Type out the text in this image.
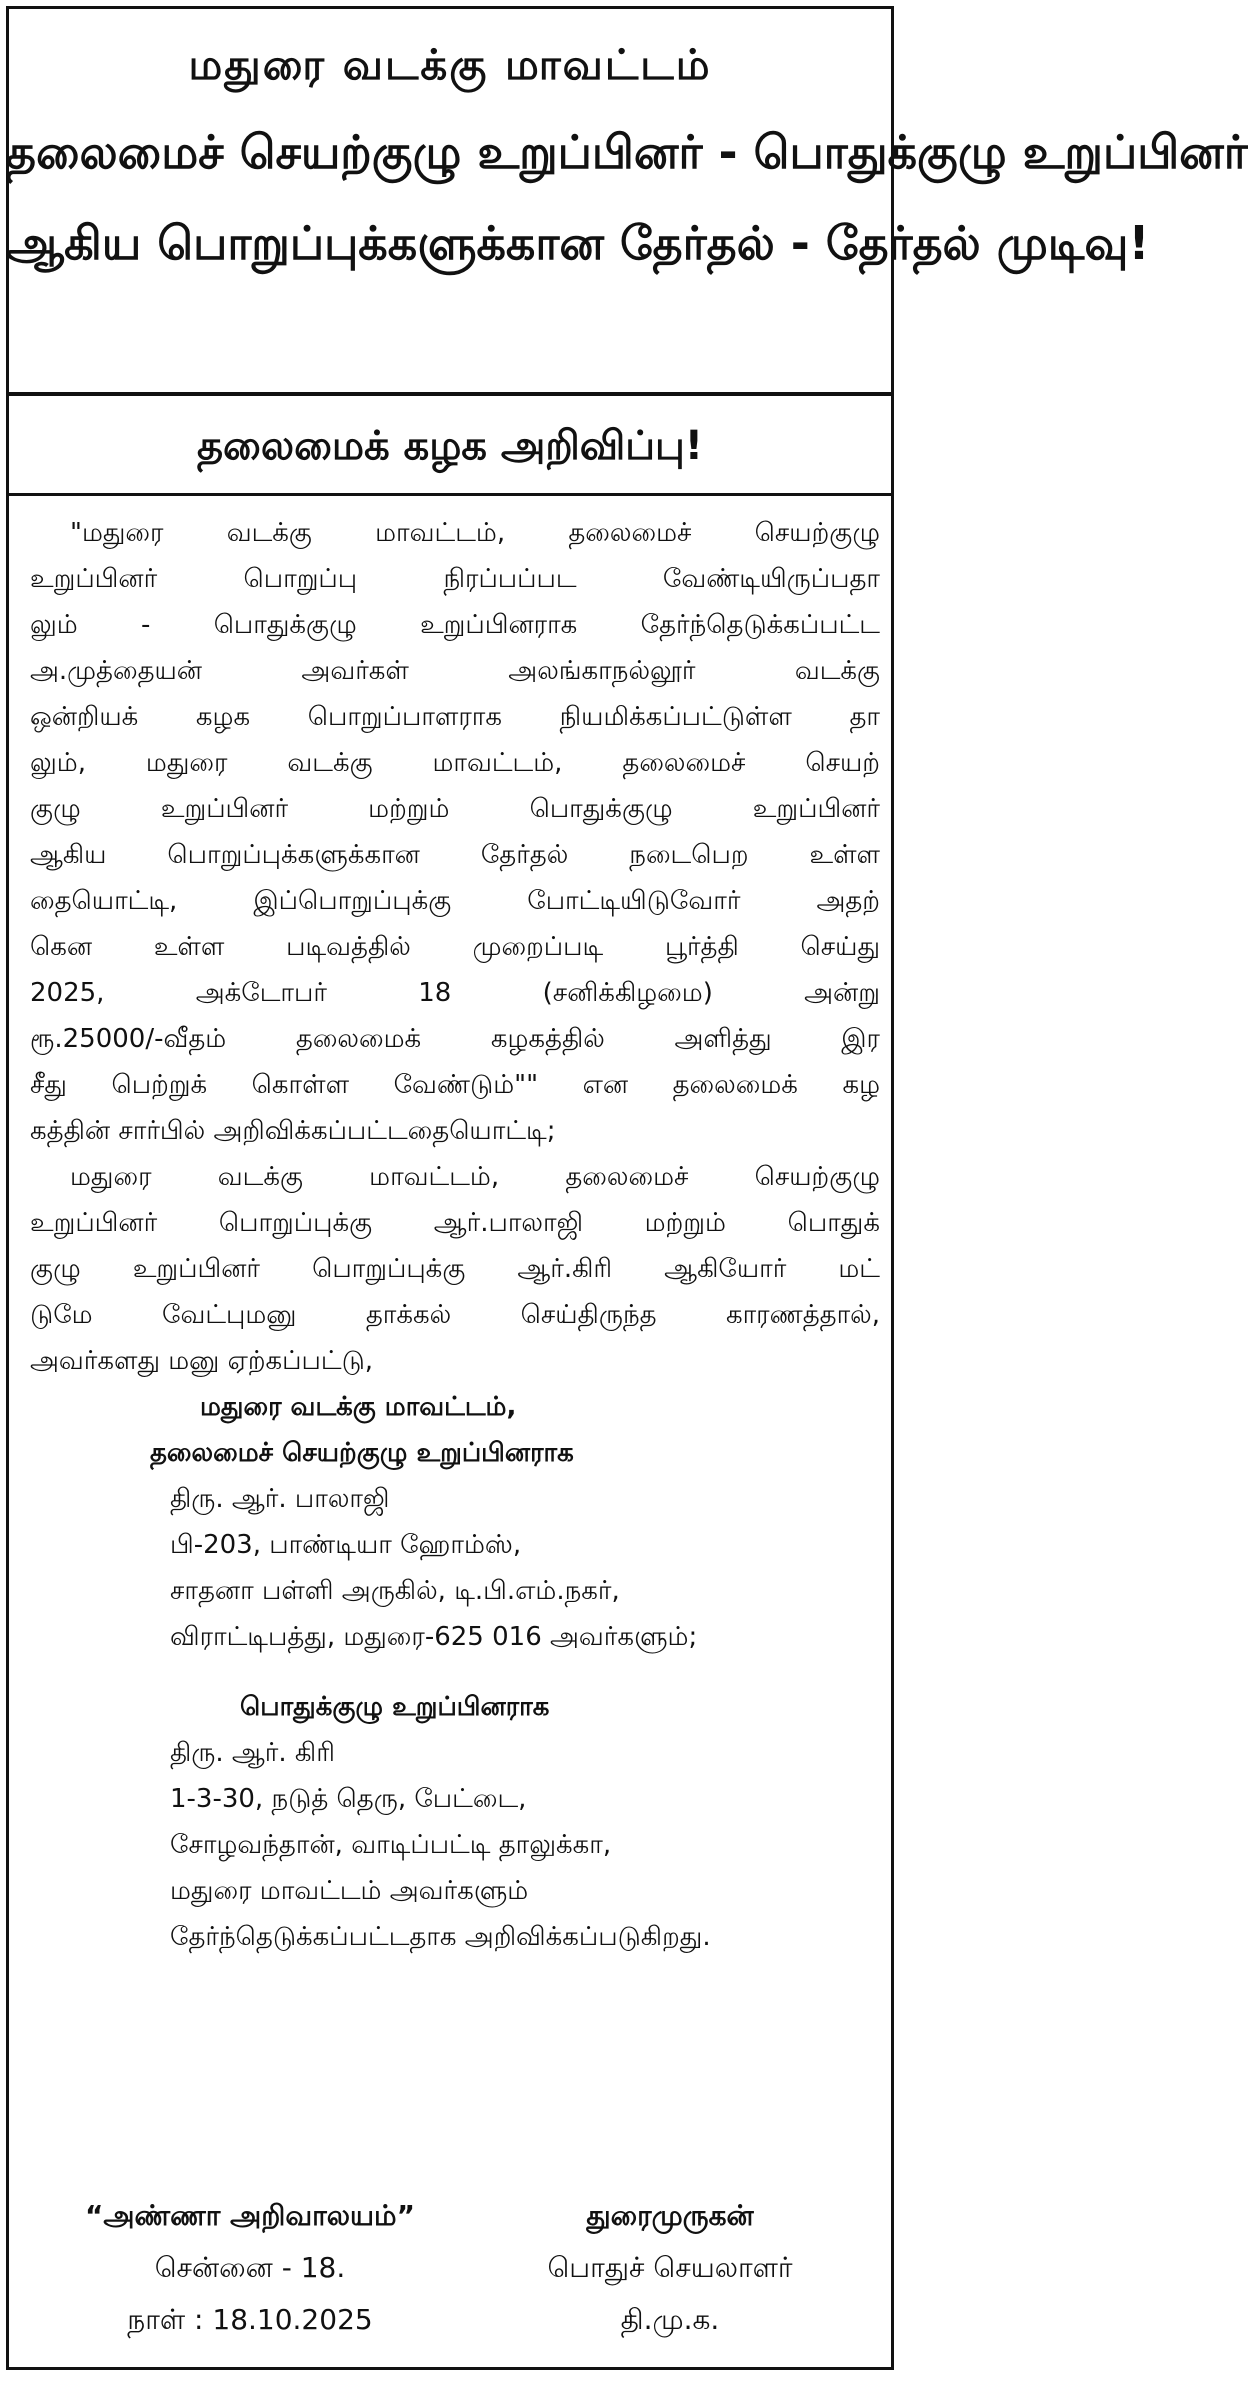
மதுரை வடக்கு மாவட்டம்
தலைமைச் செயற்குழு உறுப்பினர் - பொதுக்குழு உறுப்பினர்
ஆகிய பொறுப்புக்களுக்கான தேர்தல் - தேர்தல் முடிவு!
தலைமைக் கழக அறிவிப்பு!
"மதுரை வடக்கு மாவட்டம், தலைமைச் செயற்குழு
உறுப்பினர் பொறுப்பு நிரப்பப்பட வேண்டியிருப்பதா
லும் - பொதுக்குழு உறுப்பினராக தேர்ந்தெடுக்கப்பட்ட
அ.முத்தையன் அவர்கள் அலங்காநல்லூர் வடக்கு
ஒன்றியக் கழக பொறுப்பாளராக நியமிக்கப்பட்டுள்ள தா
லும், மதுரை வடக்கு மாவட்டம், தலைமைச் செயற்
குழு உறுப்பினர் மற்றும் பொதுக்குழு உறுப்பினர்
ஆகிய பொறுப்புக்களுக்கான தேர்தல் நடைபெற உள்ள
தையொட்டி, இப்பொறுப்புக்கு போட்டியிடுவோர் அதற்
கென உள்ள படிவத்தில் முறைப்படி பூர்த்தி செய்து
2025, அக்டோபர் 18 (சனிக்கிழமை) அன்று
ரூ.25000/-வீதம் தலைமைக் கழகத்தில் அளித்து இர
சீது பெற்றுக் கொள்ள வேண்டும்"" என தலைமைக் கழ
கத்தின் சார்பில் அறிவிக்கப்பட்டதையொட்டி;
மதுரை வடக்கு மாவட்டம், தலைமைச் செயற்குழு
உறுப்பினர் பொறுப்புக்கு ஆர்.பாலாஜி மற்றும் பொதுக்
குழு உறுப்பினர் பொறுப்புக்கு ஆர்.கிரி ஆகியோர் மட்
டுமே வேட்புமனு தாக்கல் செய்திருந்த காரணத்தால்,
அவர்களது மனு ஏற்கப்பட்டு,
மதுரை வடக்கு மாவட்டம்,
தலைமைச் செயற்குழு உறுப்பினராக
திரு. ஆர். பாலாஜி
பி-203, பாண்டியா ஹோம்ஸ்,
சாதனா பள்ளி அருகில், டி.பி.எம்.நகர்,
விராட்டிபத்து, மதுரை-625 016 அவர்களும்;
பொதுக்குழு உறுப்பினராக
திரு. ஆர். கிரி
1-3-30, நடுத் தெரு, பேட்டை,
சோழவந்தான், வாடிப்பட்டி தாலுக்கா,
மதுரை மாவட்டம் அவர்களும்
தேர்ந்தெடுக்கப்பட்டதாக அறிவிக்கப்படுகிறது.
“அண்ணா அறிவாலயம்”
சென்னை - 18.
நாள் : 18.10.2025
துரைமுருகன்
பொதுச் செயலாளர்
தி.மு.க.
